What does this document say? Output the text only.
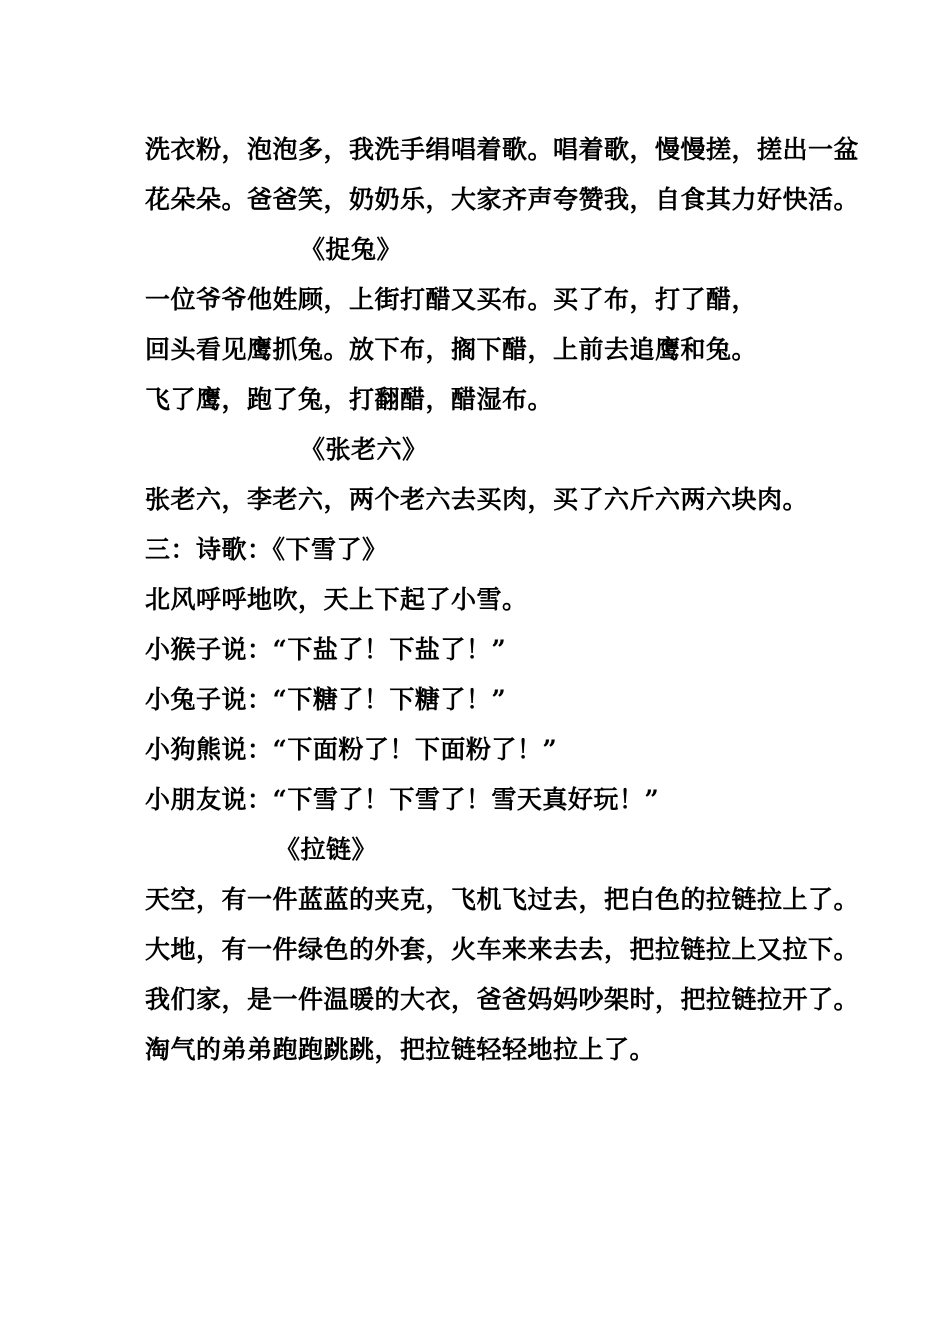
洗衣粉，泡泡多，我洗手绢唱着歌。唱着歌，慢慢搓，搓出一盆
花朵朵。爸爸笑，奶奶乐，大家齐声夸赞我，自食其力好快活。
《捉兔》
一位爷爷他姓顾，上街打醋又买布。买了布，打了醋，
回头看见鹰抓兔。放下布，搁下醋，上前去追鹰和兔。
飞了鹰，跑了兔，打翻醋，醋湿布。
《张老六》
张老六，李老六，两个老六去买肉，买了六斤六两六块肉。
三：诗歌：《下雪了》
北风呼呼地吹，天上下起了小雪。
小猴子说：“下盐了！下盐了！”
小兔子说：“下糖了！下糖了！”
小狗熊说：“下面粉了！下面粉了！”
小朋友说：“下雪了！下雪了！雪天真好玩！”
《拉链》
天空，有一件蓝蓝的夹克，飞机飞过去，把白色的拉链拉上了。
大地，有一件绿色的外套，火车来来去去，把拉链拉上又拉下。
我们家，是一件温暖的大衣，爸爸妈妈吵架时，把拉链拉开了。
淘气的弟弟跑跑跳跳，把拉链轻轻地拉上了。
